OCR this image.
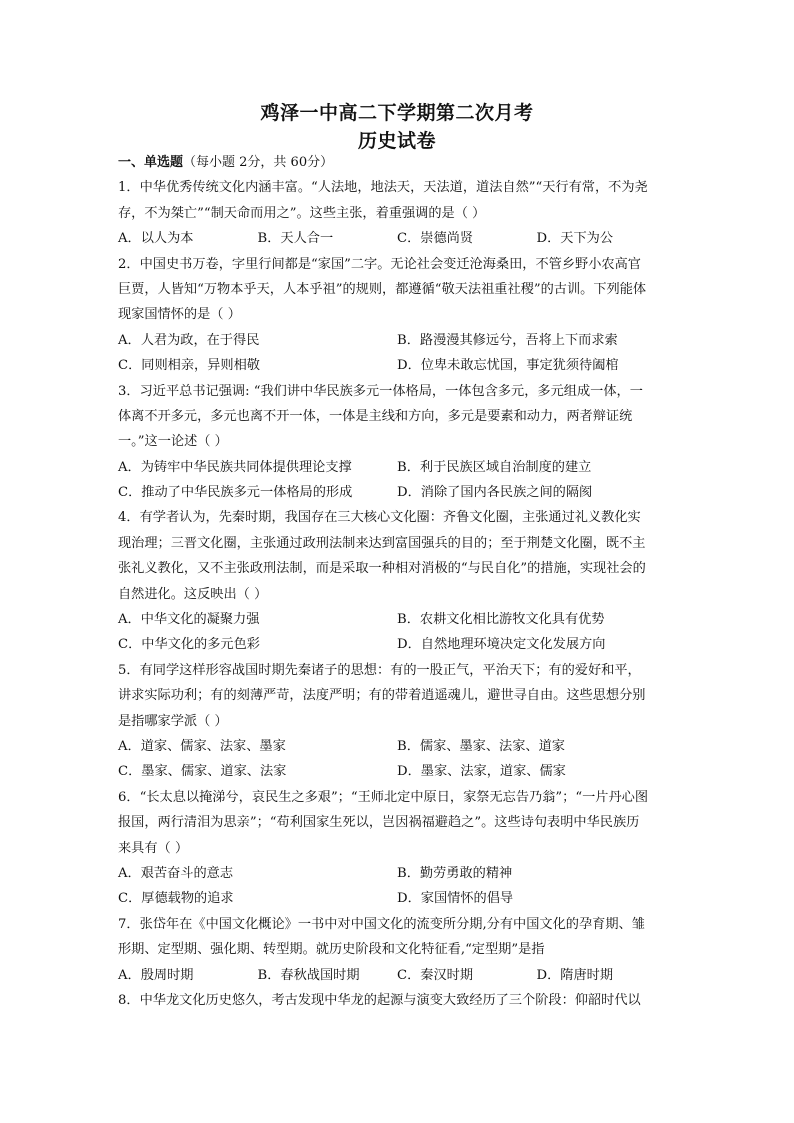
鸡泽一中高二下学期第二次月考
历史试卷
一、单选题（每小题 2分，共 60分）
1．中华优秀传统文化内涵丰富。“人法地，地法天，天法道，道法自然”“天行有常，不为尧
存，不为桀亡”“制天命而用之”。这些主张，着重强调的是（ ）
A．以人为本	B．天人合一	C．崇德尚贤	D．天下为公
2．中国史书万卷，字里行间都是“家国”二字。无论社会变迁沧海桑田，不管乡野小农高官
巨贾，人皆知“万物本乎天，人本乎祖”的规则，都遵循“敬天法祖重社稷”的古训。下列能体
现家国情怀的是（ ）
A．人君为政，在于得民	B．路漫漫其修远兮，吾将上下而求索
C．同则相亲，异则相敬	D．位卑未敢忘忧国，事定犹须待阖棺
3．习近平总书记强调: “我们讲中华民族多元一体格局，一体包含多元，多元组成一体，一
体离不开多元，多元也离不开一体，一体是主线和方向，多元是要素和动力，两者辩证统
一。”这一论述（ ）
A．为铸牢中华民族共同体提供理论支撑	B．利于民族区域自治制度的建立
C．推动了中华民族多元一体格局的形成	D．消除了国内各民族之间的隔阂
4．有学者认为，先秦时期，我国存在三大核心文化圈：齐鲁文化圈，主张通过礼义教化实
现治理；三晋文化圈，主张通过政刑法制来达到富国强兵的目的；至于荆楚文化圈，既不主
张礼义教化，又不主张政刑法制，而是采取一种相对消极的“与民自化”的措施，实现社会的
自然进化。这反映出（ ）
A．中华文化的凝聚力强	B．农耕文化相比游牧文化具有优势
C．中华文化的多元色彩	D．自然地理环境决定文化发展方向
5．有同学这样形容战国时期先秦诸子的思想：有的一股正气，平治天下；有的爱好和平，
讲求实际功利；有的刻薄严苛，法度严明；有的带着逍遥魂儿，避世寻自由。这些思想分别
是指哪家学派（ ）
A．道家、儒家、法家、墨家	B．儒家、墨家、法家、道家
C．墨家、儒家、道家、法家	D．墨家、法家，道家、儒家
6．“长太息以掩涕兮，哀民生之多艰”；“王师北定中原日，家祭无忘告乃翁”；“一片丹心图
报国，两行清泪为思亲”；“苟利国家生死以，岂因祸福避趋之”。这些诗句表明中华民族历
来具有（ ）
A．艰苦奋斗的意志	B．勤劳勇敢的精神
C．厚德载物的追求	D．家国情怀的倡导
7．张岱年在《中国文化概论》一书中对中国文化的流变所分期,分有中国文化的孕育期、雏
形期、定型期、强化期、转型期。就历史阶段和文化特征看,“定型期”是指
A．殷周时期	B．春秋战国时期	C．秦汉时期	D．隋唐时期
8．中华龙文化历史悠久，考古发现中华龙的起源与演变大致经历了三个阶段：仰韶时代以
